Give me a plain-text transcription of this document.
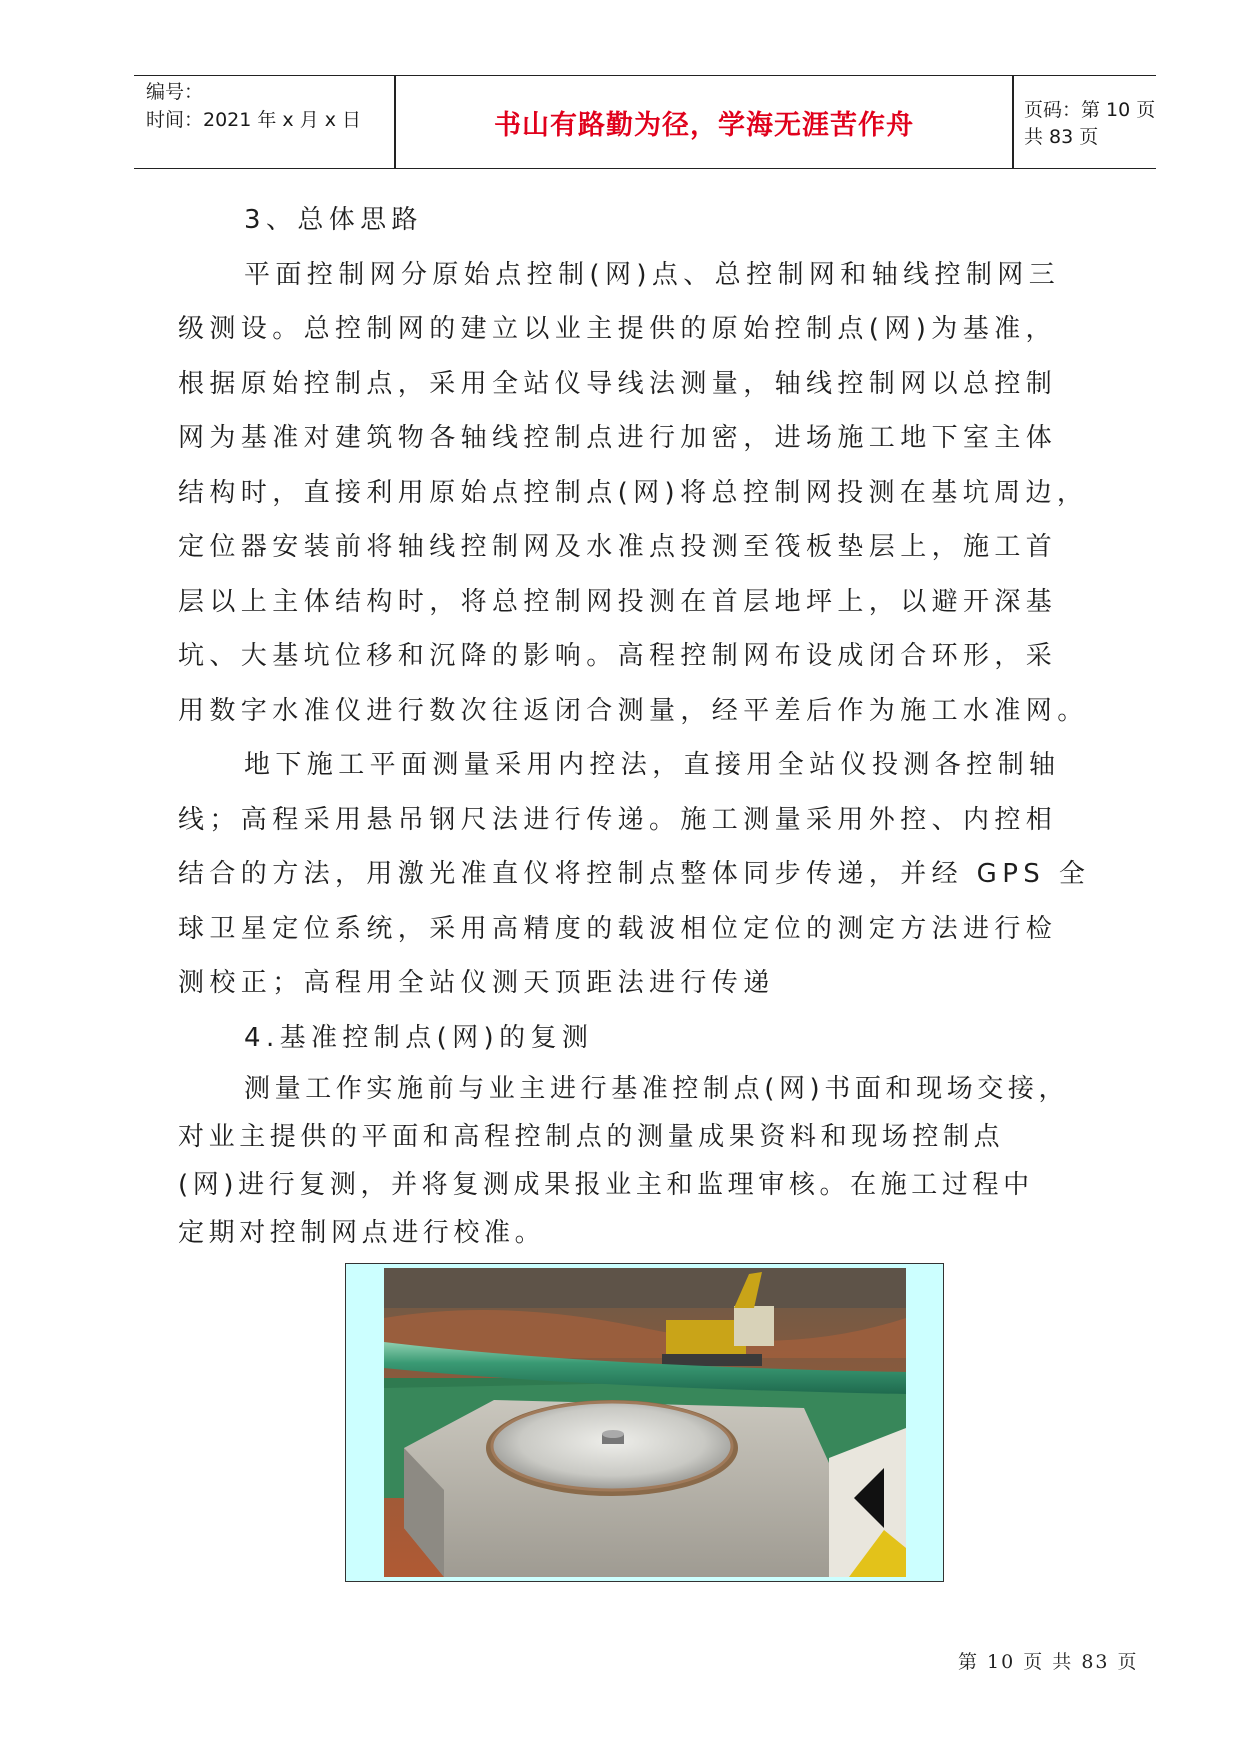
编号：
时间：2021 年 x 月 x 日	书山有路勤为径，学海无涯苦作舟	页码：第 10 页 共 83 页
3、总体思路
平面控制网分原始点控制(网)点、总控制网和轴线控制网三
级测设。总控制网的建立以业主提供的原始控制点(网)为基准，
根据原始控制点，采用全站仪导线法测量，轴线控制网以总控制
网为基准对建筑物各轴线控制点进行加密，进场施工地下室主体
结构时，直接利用原始点控制点(网)将总控制网投测在基坑周边，
定位器安装前将轴线控制网及水准点投测至筏板垫层上，施工首
层以上主体结构时，将总控制网投测在首层地坪上，以避开深基
坑、大基坑位移和沉降的影响。高程控制网布设成闭合环形，采
用数字水准仪进行数次往返闭合测量，经平差后作为施工水准网。
地下施工平面测量采用内控法，直接用全站仪投测各控制轴
线；高程采用悬吊钢尺法进行传递。施工测量采用外控、内控相
结合的方法，用激光准直仪将控制点整体同步传递，并经 GPS 全
球卫星定位系统，采用高精度的载波相位定位的测定方法进行检
测校正；高程用全站仪测天顶距法进行传递
4.基准控制点(网)的复测
测量工作实施前与业主进行基准控制点(网)书面和现场交接，
对业主提供的平面和高程控制点的测量成果资料和现场控制点
(网)进行复测，并将复测成果报业主和监理审核。在施工过程中
定期对控制网点进行校准。
第 10 页 共 83 页
